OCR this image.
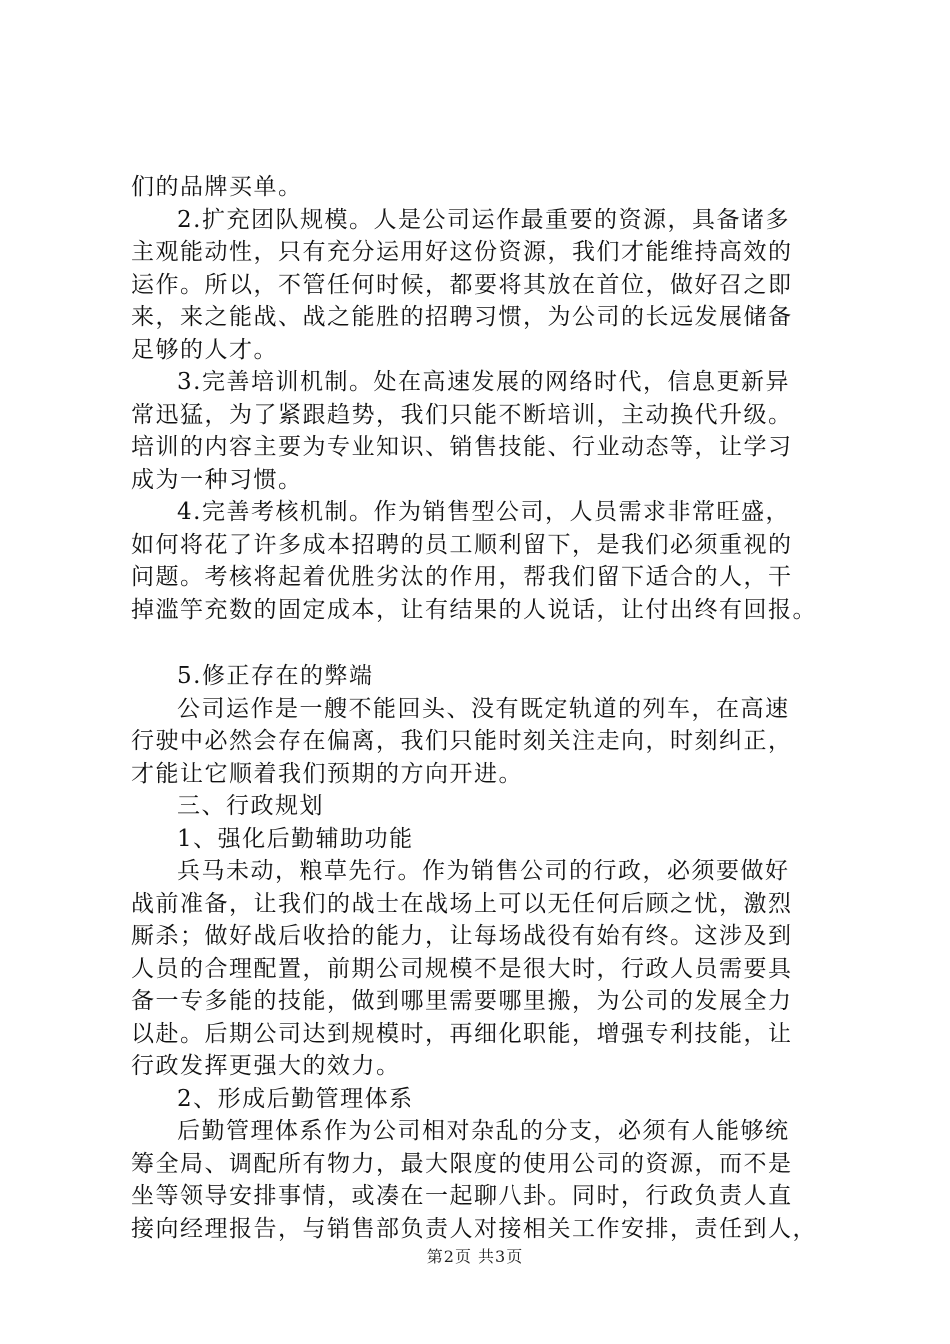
们的品牌买单。
2.扩充团队规模。人是公司运作最重要的资源，具备诸多
主观能动性，只有充分运用好这份资源，我们才能维持高效的
运作。所以，不管任何时候，都要将其放在首位，做好召之即
来，来之能战、战之能胜的招聘习惯，为公司的长远发展储备
足够的人才。
3.完善培训机制。处在高速发展的网络时代，信息更新异
常迅猛，为了紧跟趋势，我们只能不断培训，主动换代升级。
培训的内容主要为专业知识、销售技能、行业动态等，让学习
成为一种习惯。
4.完善考核机制。作为销售型公司，人员需求非常旺盛，
如何将花了许多成本招聘的员工顺利留下，是我们必须重视的
问题。考核将起着优胜劣汰的作用，帮我们留下适合的人，干
掉滥竽充数的固定成本，让有结果的人说话，让付出终有回报。
5.修正存在的弊端
公司运作是一艘不能回头、没有既定轨道的列车，在高速
行驶中必然会存在偏离，我们只能时刻关注走向，时刻纠正，
才能让它顺着我们预期的方向开进。
三、行政规划
1、强化后勤辅助功能
兵马未动，粮草先行。作为销售公司的行政，必须要做好
战前准备，让我们的战士在战场上可以无任何后顾之忧，激烈
厮杀；做好战后收拾的能力，让每场战役有始有终。这涉及到
人员的合理配置，前期公司规模不是很大时，行政人员需要具
备一专多能的技能，做到哪里需要哪里搬，为公司的发展全力
以赴。后期公司达到规模时，再细化职能，增强专利技能，让
行政发挥更强大的效力。
2、形成后勤管理体系
后勤管理体系作为公司相对杂乱的分支，必须有人能够统
筹全局、调配所有物力，最大限度的使用公司的资源，而不是
坐等领导安排事情，或凑在一起聊八卦。同时，行政负责人直
接向经理报告，与销售部负责人对接相关工作安排，责任到人，
第2页 共3页
